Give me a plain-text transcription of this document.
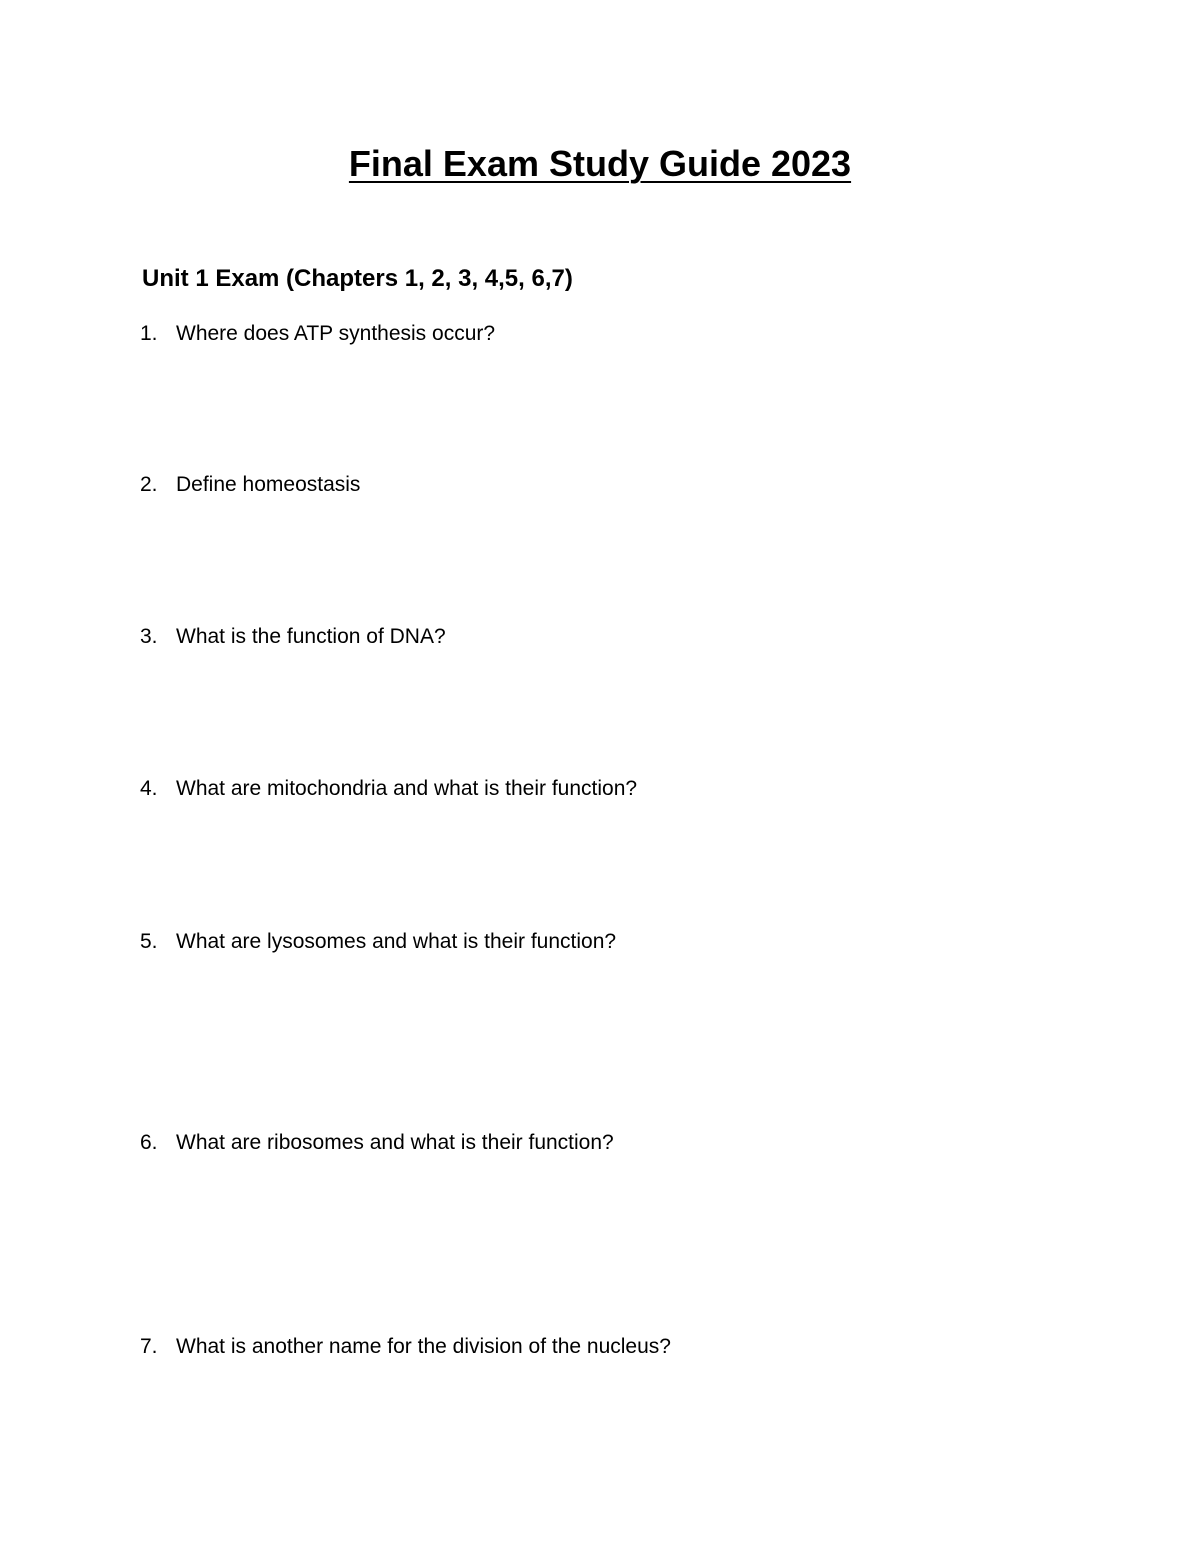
Final Exam Study Guide 2023
Unit 1 Exam (Chapters 1, 2, 3, 4,5, 6,7)
1. Where does ATP synthesis occur?
2. Define homeostasis
3. What is the function of DNA?
4. What are mitochondria and what is their function?
5. What are lysosomes and what is their function?
6. What are ribosomes and what is their function?
7. What is another name for the division of the nucleus?
